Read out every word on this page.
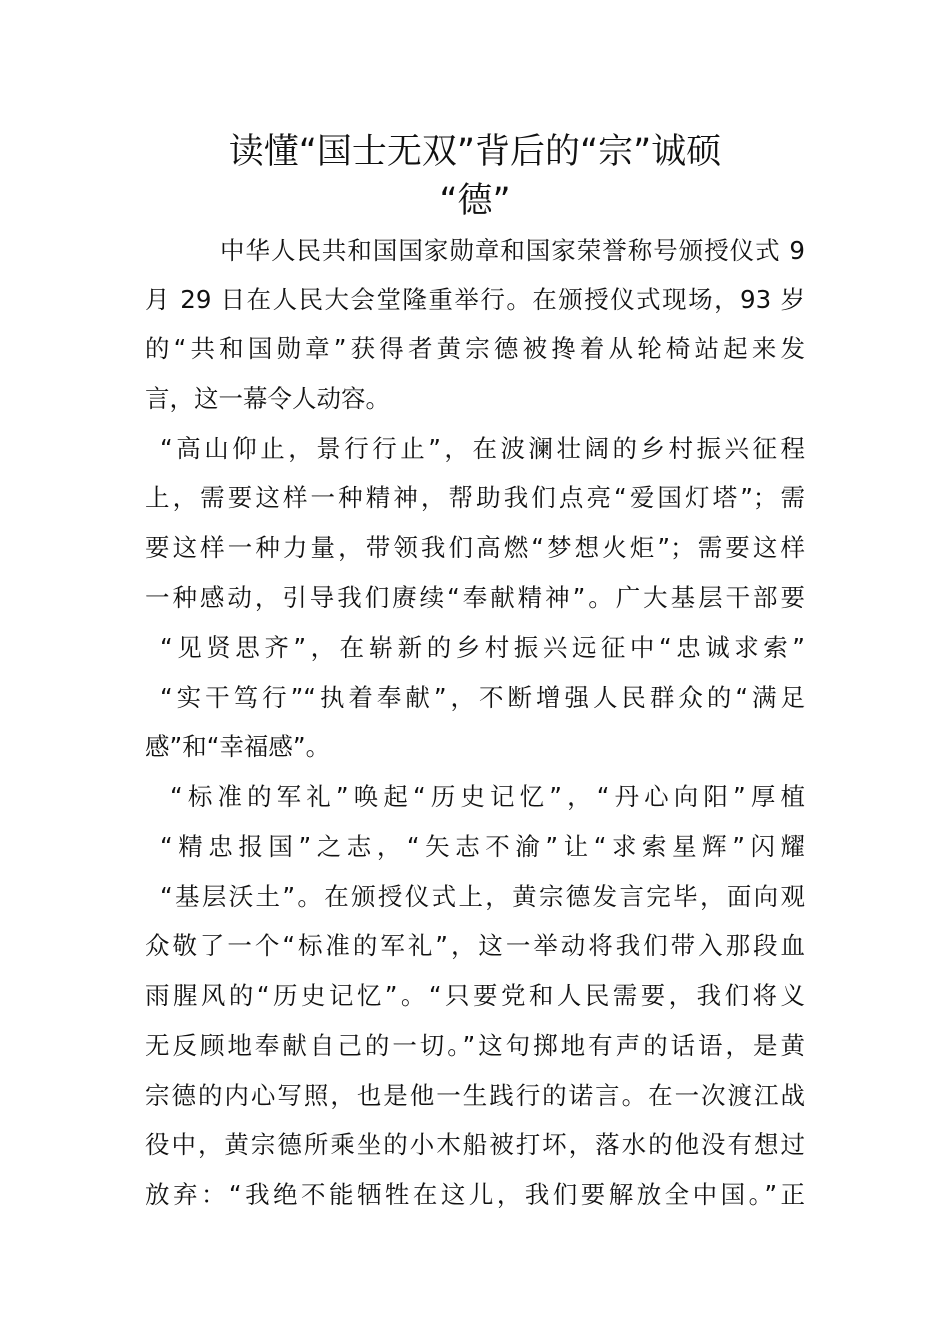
读懂“国士无双”背后的“宗”诚硕
“德”
中华人民共和国国家勋章和国家荣誉称号颁授仪式 9
月 29 日在人民大会堂隆重举行。在颁授仪式现场，93 岁
的“共和国勋章”获得者黄宗德被搀着从轮椅站起来发
言，这一幕令人动容。
“高山仰止，景行行止”，在波澜壮阔的乡村振兴征程
上，需要这样一种精神，帮助我们点亮“爱国灯塔”；需
要这样一种力量，带领我们高燃“梦想火炬”；需要这样
一种感动，引导我们赓续“奉献精神”。广大基层干部要
“见贤思齐”，在崭新的乡村振兴远征中“忠诚求索”
“实干笃行”“执着奉献”，不断增强人民群众的“满足
感”和“幸福感”。
“标准的军礼”唤起“历史记忆”，“丹心向阳”厚植
“精忠报国”之志，“矢志不渝”让“求索星辉”闪耀
“基层沃土”。在颁授仪式上，黄宗德发言完毕，面向观
众敬了一个“标准的军礼”，这一举动将我们带入那段血
雨腥风的“历史记忆”。“只要党和人民需要，我们将义
无反顾地奉献自己的一切。”这句掷地有声的话语，是黄
宗德的内心写照，也是他一生践行的诺言。在一次渡江战
役中，黄宗德所乘坐的小木船被打坏，落水的他没有想过
放弃：“我绝不能牺牲在这儿，我们要解放全中国。”正
